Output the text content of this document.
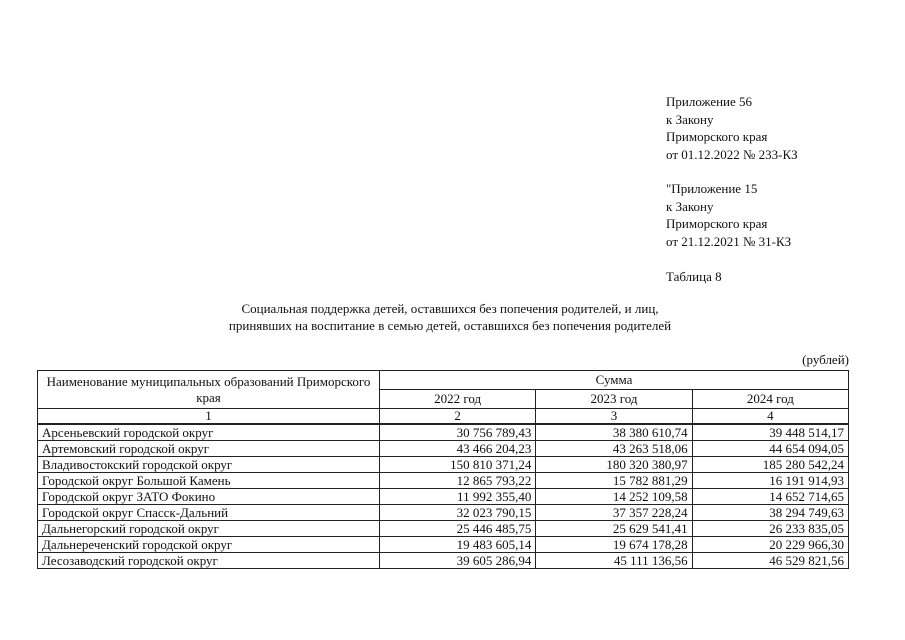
Приложение 56
к Закону
Приморского края
от 01.12.2022 № 233-КЗ
"Приложение 15
к Закону
Приморского края
от 21.12.2021 № 31-КЗ
Таблица 8
Социальная поддержка детей, оставшихся без попечения родителей, и лиц,
принявших на воспитание в семью детей, оставшихся без попечения родителей
(рублей)
Наименование муниципальных образований Приморского края	Сумма		
	2022 год	2023 год	2024 год
1	2	3	4
Арсеньевский городской округ	30 756 789,43	38 380 610,74	39 448 514,17
Артемовский городской округ	43 466 204,23	43 263 518,06	44 654 094,05
Владивостокский городской округ	150 810 371,24	180 320 380,97	185 280 542,24
Городской округ Большой Камень	12 865 793,22	15 782 881,29	16 191 914,93
Городской округ ЗАТО Фокино	11 992 355,40	14 252 109,58	14 652 714,65
Городской округ Спасск-Дальний	32 023 790,15	37 357 228,24	38 294 749,63
Дальнегорский городской округ	25 446 485,75	25 629 541,41	26 233 835,05
Дальнереченский городской округ	19 483 605,14	19 674 178,28	20 229 966,30
Лесозаводский городской округ	39 605 286,94	45 111 136,56	46 529 821,56
